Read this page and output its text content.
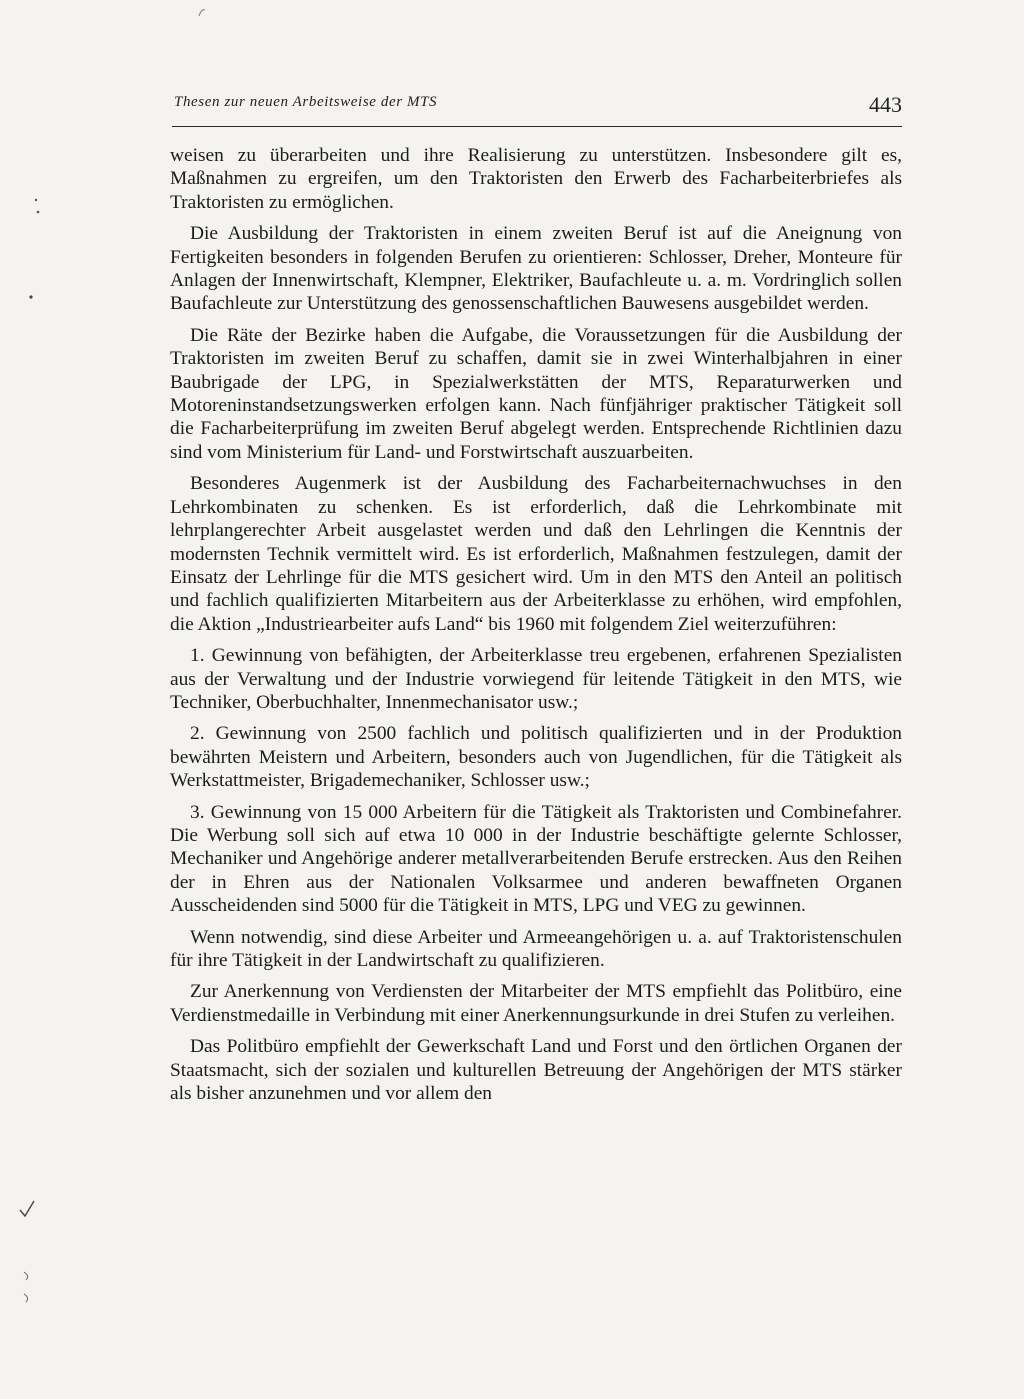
Thesen zur neuen Arbeitsweise der MTS	443

weisen zu überarbeiten und ihre Realisierung zu unterstützen. Insbesondere gilt es, Maßnahmen zu ergreifen, um den Traktoristen den Erwerb des Facharbeiterbriefes als Traktoristen zu ermöglichen.

Die Ausbildung der Traktoristen in einem zweiten Beruf ist auf die Aneignung von Fertigkeiten besonders in folgenden Berufen zu orientieren: Schlosser, Dreher, Monteure für Anlagen der Innenwirtschaft, Klempner, Elektriker, Baufachleute u. a. m. Vordringlich sollen Baufachleute zur Unterstützung des genossenschaftlichen Bauwesens ausgebildet werden.

Die Räte der Bezirke haben die Aufgabe, die Voraussetzungen für die Ausbildung der Traktoristen im zweiten Beruf zu schaffen, damit sie in zwei Winterhalbjahren in einer Baubrigade der LPG, in Spezialwerkstätten der MTS, Reparaturwerken und Motoreninstandsetzungswerken erfolgen kann. Nach fünfjähriger praktischer Tätigkeit soll die Facharbeiterprüfung im zweiten Beruf abgelegt werden. Entsprechende Richtlinien dazu sind vom Ministerium für Land- und Forstwirtschaft auszuarbeiten.

Besonderes Augenmerk ist der Ausbildung des Facharbeiternachwuchses in den Lehrkombinaten zu schenken. Es ist erforderlich, daß die Lehrkombinate mit lehrplangerechter Arbeit ausgelastet werden und daß den Lehrlingen die Kenntnis der modernsten Technik vermittelt wird. Es ist erforderlich, Maßnahmen festzulegen, damit der Einsatz der Lehrlinge für die MTS gesichert wird. Um in den MTS den Anteil an politisch und fachlich qualifizierten Mitarbeitern aus der Arbeiterklasse zu erhöhen, wird empfohlen, die Aktion „Industriearbeiter aufs Land“ bis 1960 mit folgendem Ziel weiterzuführen:

1. Gewinnung von befähigten, der Arbeiterklasse treu ergebenen, erfahrenen Spezialisten aus der Verwaltung und der Industrie vorwiegend für leitende Tätigkeit in den MTS, wie Techniker, Oberbuchhalter, Innenmechanisator usw.;

2. Gewinnung von 2500 fachlich und politisch qualifizierten und in der Produktion bewährten Meistern und Arbeitern, besonders auch von Jugendlichen, für die Tätigkeit als Werkstattmeister, Brigademechaniker, Schlosser usw.;

3. Gewinnung von 15 000 Arbeitern für die Tätigkeit als Traktoristen und Combinefahrer. Die Werbung soll sich auf etwa 10 000 in der Industrie beschäftigte gelernte Schlosser, Mechaniker und Angehörige anderer metallverarbeitenden Berufe erstrecken. Aus den Reihen der in Ehren aus der Nationalen Volksarmee und anderen bewaffneten Organen Ausscheidenden sind 5000 für die Tätigkeit in MTS, LPG und VEG zu gewinnen.

Wenn notwendig, sind diese Arbeiter und Armeeangehörigen u. a. auf Traktoristenschulen für ihre Tätigkeit in der Landwirtschaft zu qualifizieren.

Zur Anerkennung von Verdiensten der Mitarbeiter der MTS empfiehlt das Politbüro, eine Verdienstmedaille in Verbindung mit einer Anerkennungsurkunde in drei Stufen zu verleihen.

Das Politbüro empfiehlt der Gewerkschaft Land und Forst und den örtlichen Organen der Staatsmacht, sich der sozialen und kulturellen Betreuung der Angehörigen der MTS stärker als bisher anzunehmen und vor allem den
